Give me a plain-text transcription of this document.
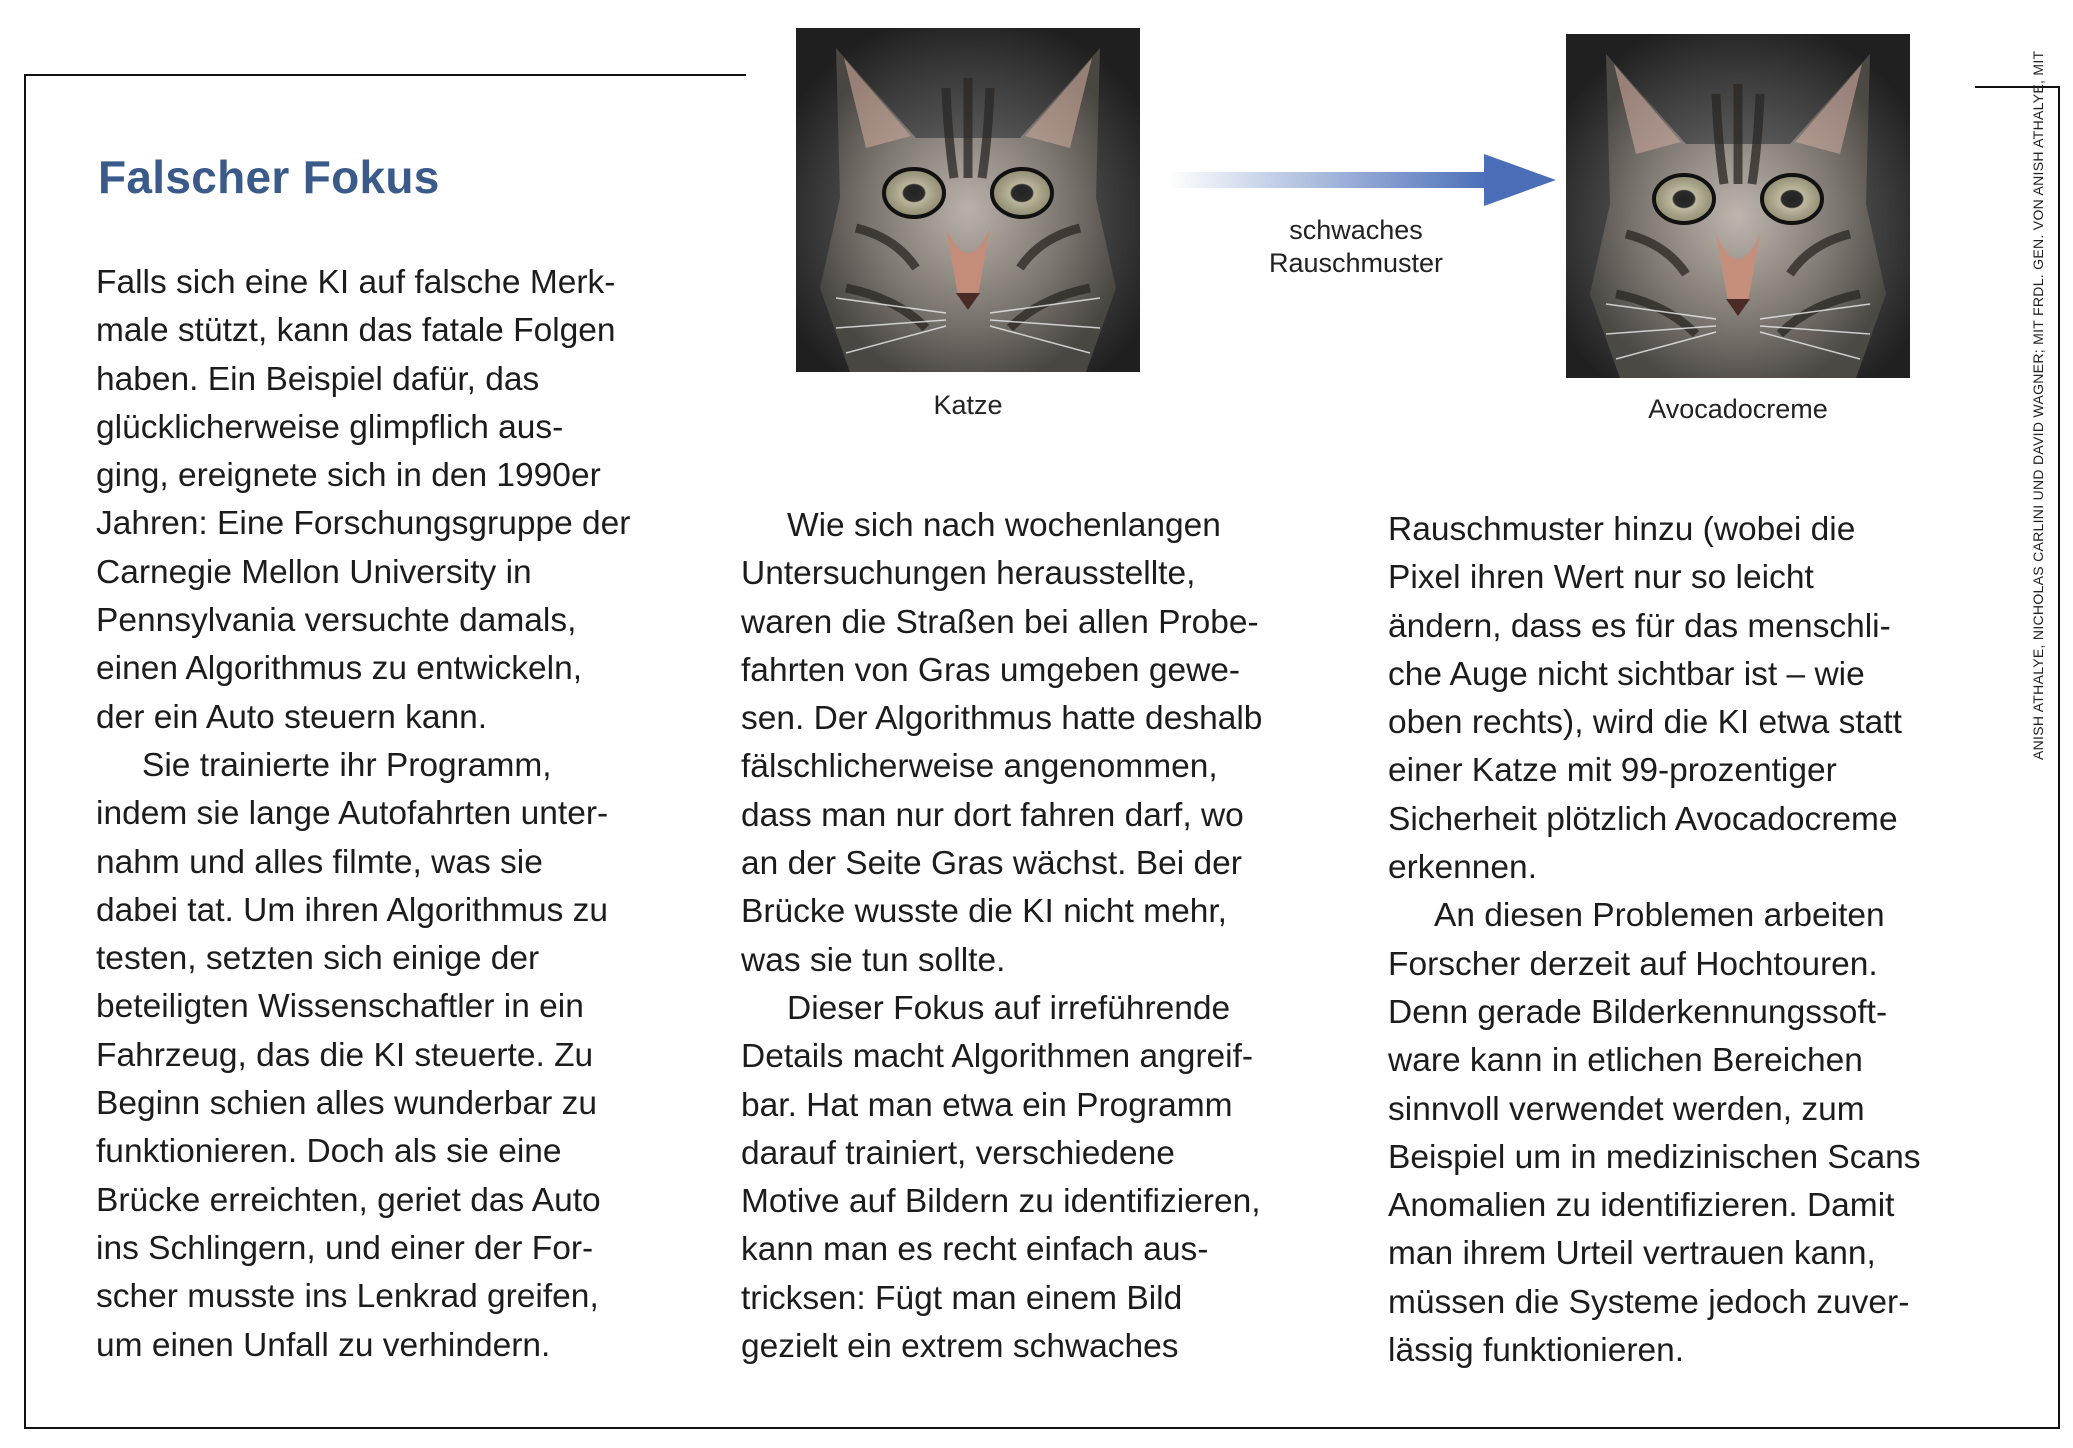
Falscher Fokus

Falls sich eine KI auf falsche Merk-
male stützt, kann das fatale Folgen
haben. Ein Beispiel dafür, das
glücklicherweise glimpflich aus-
ging, ereignete sich in den 1990er
Jahren: Eine Forschungsgruppe der
Carnegie Mellon University in
Pennsylvania versuchte damals,
einen Algorithmus zu entwickeln,
der ein Auto steuern kann.

Sie trainierte ihr Programm,
indem sie lange Autofahrten unter-
nahm und alles filmte, was sie
dabei tat. Um ihren Algorithmus zu
testen, setzten sich einige der
beteiligten Wissenschaftler in ein
Fahrzeug, das die KI steuerte. Zu
Beginn schien alles wunderbar zu
funktionieren. Doch als sie eine
Brücke erreichten, geriet das Auto
ins Schlingern, und einer der For-
scher musste ins Lenkrad greifen,
um einen Unfall zu verhindern.

Wie sich nach wochenlangen
Untersuchungen herausstellte,
waren die Straßen bei allen Probe-
fahrten von Gras umgeben gewe-
sen. Der Algorithmus hatte deshalb
fälschlicherweise angenommen,
dass man nur dort fahren darf, wo
an der Seite Gras wächst. Bei der
Brücke wusste die KI nicht mehr,
was sie tun sollte.

Dieser Fokus auf irreführende
Details macht Algorithmen angreif-
bar. Hat man etwa ein Programm
darauf trainiert, verschiedene
Motive auf Bildern zu identifizieren,
kann man es recht einfach aus-
tricksen: Fügt man einem Bild
gezielt ein extrem schwaches

Rauschmuster hinzu (wobei die
Pixel ihren Wert nur so leicht
ändern, dass es für das menschli-
che Auge nicht sichtbar ist – wie
oben rechts), wird die KI etwa statt
einer Katze mit 99-prozentiger
Sicherheit plötzlich Avocadocreme
erkennen.

An diesen Problemen arbeiten
Forscher derzeit auf Hochtouren.
Denn gerade Bilderkennungssoft-
ware kann in etlichen Bereichen
sinnvoll verwendet werden, zum
Beispiel um in medizinischen Scans
Anomalien zu identifizieren. Damit
man ihrem Urteil vertrauen kann,
müssen die Systeme jedoch zuver-
lässig funktionieren.

Katze
schwaches
Rauschmuster
Avocadocreme	ANISH ATHALYE, NICHOLAS CARLINI UND DAVID WAGNER; MIT FRDL. GEN. VON ANISH ATHALYE, MIT
